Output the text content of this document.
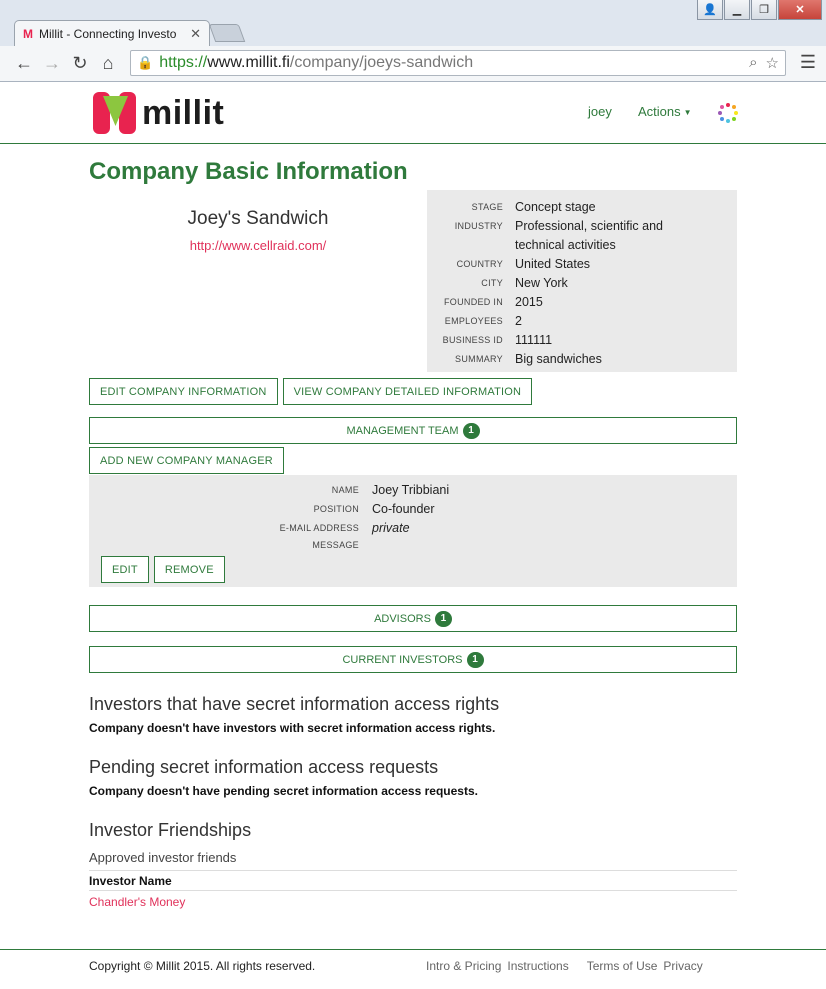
M Millit - Connecting Investo	✕
👤	▁	❐	✕
← → ↻ ⌂	🔒 https:// www.millit.fi /company/joeys-sandwich	⌕ ☆ ☰
millit	joey Actions ▼
Company Basic Information
Joey's Sandwich
http://www.cellraid.com/
STAGE Concept stage
INDUSTRY Professional, scientific and technical activities
COUNTRY United States
CITY New York
FOUNDED IN 2015
EMPLOYEES 2
BUSINESS ID 111111
SUMMARY Big sandwiches
EDIT COMPANY INFORMATION	VIEW COMPANY DETAILED INFORMATION
MANAGEMENT TEAM 1
ADD NEW COMPANY MANAGER
NAME Joey Tribbiani
POSITION Co-founder
E-MAIL ADDRESS private
MESSAGE
EDIT	REMOVE
ADVISORS 1
CURRENT INVESTORS 1
Investors that have secret information access rights
Company doesn't have investors with secret information access rights.
Pending secret information access requests
Company doesn't have pending secret information access requests.
Investor Friendships
Approved investor friends
Investor Name
Chandler's Money
Copyright © Millit 2015. All rights reserved.	Intro & Pricing Instructions Terms of Use Privacy
